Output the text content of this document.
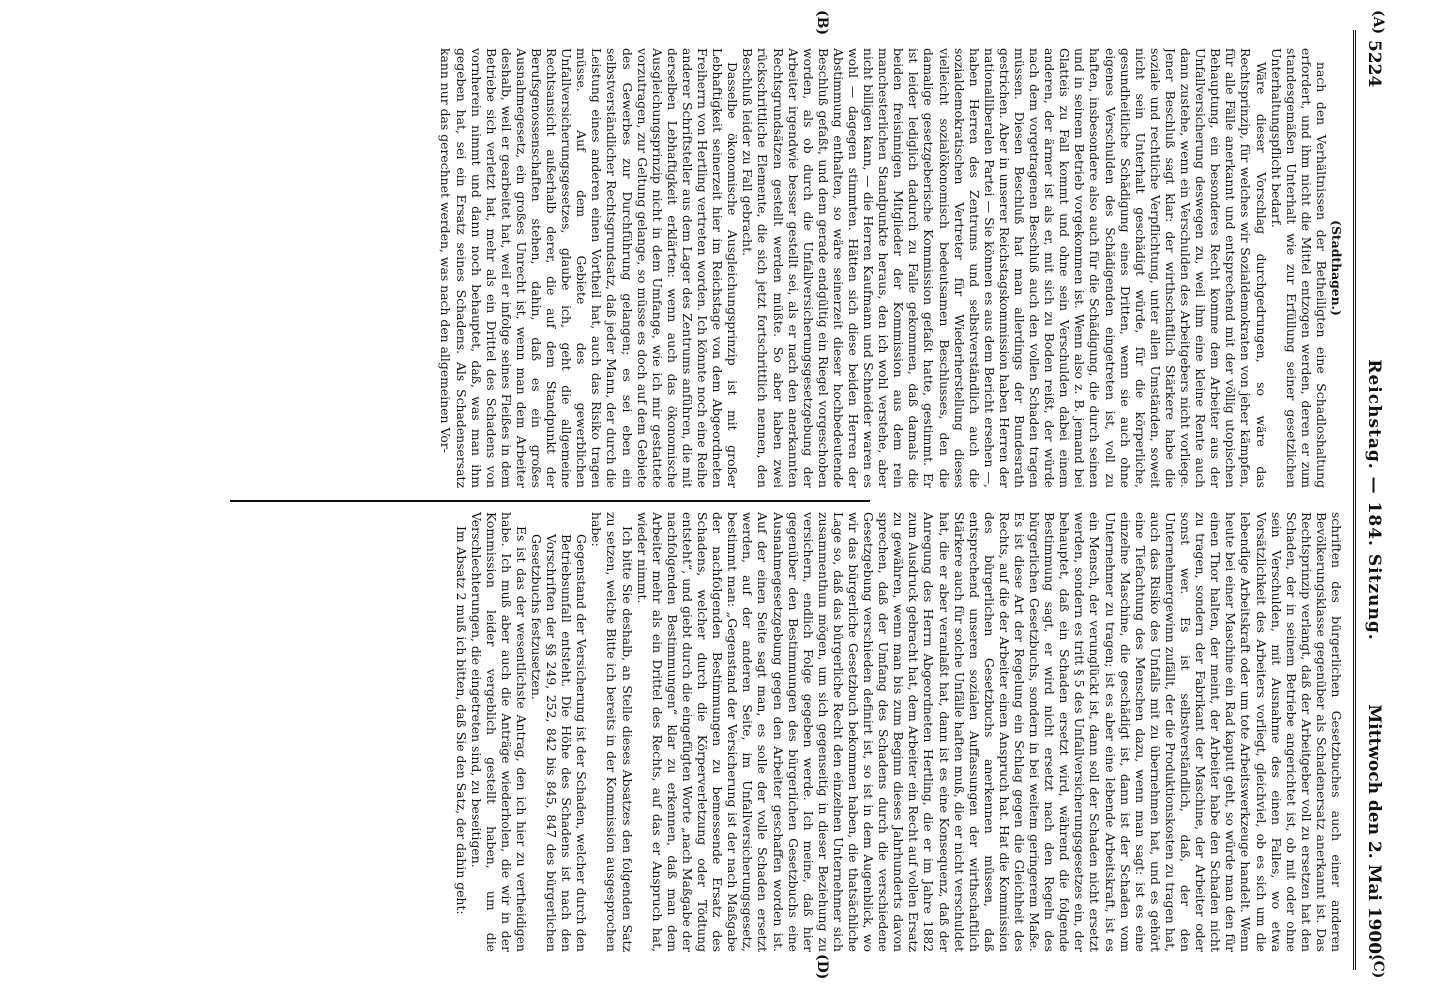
5224
Reichstag. — 184. Sitzung.
Mittwoch den 2. Mai 1900.
(A)
(B)
(C)
(D)

(Stadthagen.)

nach den Verhältnissen der Betheiligten eine Schadloshaltung erfordert, und ihm nicht die Mittel entzogen werden, deren er zum standesgemäßen Unterhalt wie zur Erfüllung seiner gesetzlichen Unterhaltungspflicht bedarf.

Wäre dieser Vorschlag durchgedrungen, so wäre das Rechtsprinzip, für welches wir Sozialdemokraten von jeher kämpfen, für alle Fälle anerkannt und entsprechend mit der völlig utopischen Behauptung, ein besonderes Recht komme dem Arbeiter aus der Unfallversicherung deswegen zu, weil ihm eine kleine Rente auch dann zustehe, wenn ein Verschulden des Arbeitgebers nicht vorliege. Jener Beschluß sagt klar: der wirthschaftlich Stärkere habe die soziale und rechtliche Verpflichtung, unter allen Umständen, soweit nicht sein Unterhalt geschädigt würde, für die körperliche, gesundheitliche Schädigung eines Dritten, wenn sie auch ohne eigenes Verschulden des Schädigenden eingetreten ist, voll zu haften, insbesondere also auch für die Schädigung, die durch seinen und in seinem Betrieb vorgekommen ist. Wenn also z. B. jemand bei Glatteis zu Fall kommt und ohne sein Verschulden dabei einem anderen, der ärmer ist als er, mit sich zu Boden reißt, der würde nach dem vorgetragenen Beschluß auch den vollen Schaden tragen müssen. Diesen Beschluß hat man allerdings der Bundesrath gestrichen. Aber in unserer Reichstagskommission haben Herren der nationalliberalen Partei — Sie können es aus dem Bericht ersehen —, haben Herren des Zentrums und selbstverständlich auch die sozialdemokratischen Vertreter für Wiederherstellung dieses vielleicht sozialökonomisch bedeutsamen Beschlusses, den die damalige gesetzgeberische Kommission gefaßt hatte, gestimmt. Er ist leider lediglich dadurch zu Falle gekommen, daß damals die beiden freisinnigen Mitglieder der Kommission aus dem rein manchesterlichen Standpunkte heraus, den ich wohl verstehe, aber nicht billigen kann, — die Herren Kaufmann und Schneider waren es wohl — dagegen stimmten. Hätten sich diese beiden Herren der Abstimmung enthalten, so wäre seinerzeit dieser hochbedeutende Beschluß gefaßt, und dem gerade endgültig ein Riegel vorgeschoben worden, als ob durch die Unfallversicherungsgesetzgebung der Arbeiter irgendwie besser gestellt sei, als er nach den anerkannten Rechtsgrundsätzen gestellt werden müßte. So aber haben zwei rückschrittliche Elemente, die sich jetzt fortschrittlich nennen, den Beschluß leider zu Fall gebracht.

Dasselbe ökonomische Ausgleichungsprinzip ist mit großer Lebhaftigkeit seinerzeit hier im Reichstage von dem Abgeordneten Freiherrn von Hertling vertreten worden. Ich könnte noch eine Reihe anderer Schriftsteller aus dem Lager des Zentrums anführen, die mit derselben Lebhaftigkeit erklärten: wenn auch das ökonomische Ausgleichungsprinzip nicht in dem Umfange, wie ich mir gestattete vorzutragen, zur Geltung gelange, so müsse es doch auf dem Gebiete des Gewerbes zur Durchführung gelangen; es sei eben ein selbstverständlicher Rechtsgrundsatz, daß jeder Mann, der durch die Leistung eines anderen einen Vortheil hat, auch das Risiko tragen müsse. Auf dem Gebiete des gewerblichen Unfallversicherungsgesetzes, glaube ich, geht die allgemeine Rechtsansicht außerhalb derer, die auf dem Standpunkt der Berufsgenossenschaften stehen, dahin, daß es ein großes Ausnahmegesetz, ein großes Unrecht ist, wenn man dem Arbeiter deshalb, weil er gearbeitet hat, weil er infolge seines Fleißes in dem Betriebe sich verletzt hat, mehr als ein Drittel des Schadens von vornherein nimmt und dann noch behauptet, daß, was man ihm gegeben hat, sei ein Ersatz seines Schadens. Als Schadensersatz kann nur das gerechnet werden, was nach den allgemeinen Vor-

schriften des bürgerlichen Gesetzbuches auch einer anderen Bevölkerungsklasse gegenüber als Schadenersatz anerkannt ist. Das Rechtsprinzip verlangt, daß der Arbeitgeber voll zu ersetzen hat den Schaden, der in seinem Betriebe angerichtet ist, ob mit oder ohne sein Verschulden, mit Ausnahme des einen Falles, wo etwa Vorsätzlichkeit des Arbeiters vorliegt, gleichviel, ob es sich um die lebendige Arbeitskraft oder um tote Arbeitswerkzeuge handelt. Wenn heute bei einer Maschine ein Rad kaputt geht, so würde man den für einen Thor halten, der meint, der Arbeiter habe den Schaden nicht zu tragen, sondern der Fabrikant der Maschine, der Arbeiter oder sonst wer. Es ist selbstverständlich, daß, der den Unternehmergewinn zufällt, der die Produktionskosten zu tragen hat, auch das Risiko des Unfalls mit zu übernehmen hat, und es gehört eine Tiefachtung des Menschen dazu, wenn man sagt: ist es eine einzelne Maschine, die geschädigt ist, dann ist der Schaden vom Unternehmer zu tragen; ist es aber eine lebende Arbeitskraft, ist es ein Mensch, der verunglückt ist, dann soll der Schaden nicht ersetzt werden, sondern es tritt § 5 des Unfallversicherungsgesetzes ein, der behauptet, daß ein Schaden ersetzt wird, während die folgende Bestimmung sagt, er wird nicht ersetzt nach den Regeln des bürgerlichen Gesetzbuchs, sondern in bei weitem geringerem Maße. Es ist diese Art der Regelung ein Schlag gegen die Gleichheit des Rechts, auf die der Arbeiter einen Anspruch hat. Hat die Kommission des bürgerlichen Gesetzbuchs anerkennen müssen, daß entsprechend unseren sozialen Auffassungen der wirthschaftlich Stärkere auch für solche Unfälle haften muß, die er nicht verschuldet hat, die er aber veranlaßt hat, dann ist es eine Konsequenz, daß der Anregung des Herrn Abgeordneten Hertling, die er im Jahre 1882 zum Ausdruck gebracht hat, dem Arbeiter ein Recht auf vollen Ersatz zu gewähren, wenn man bis zum Beginn dieses Jahrhunderts davon sprechen, daß der Umfang des Schadens durch die verschiedene Gesetzgebung verschieden definirt ist, so ist in dem Augenblick, wo wir das bürgerliche Gesetzbuch bekommen haben, die thatsächliche Lage so, daß das bürgerliche Recht den einzelnen Unternehmer sich zusammenthun mögen, um sich gegenseitig in dieser Beziehung zu versichern, endlich Folge gegeben werde. Ich meine, daß hier gegenüber den Bestimmungen des bürgerlichen Gesetzbuchs eine Ausnahmegesetzgebung gegen den Arbeiter geschaffen worden ist. Auf der einen Seite sagt man, es solle der volle Schaden ersetzt werden, auf der anderen Seite, im Unfallversicherungsgesetz, bestimmt man: „Gegenstand der Versicherung ist der nach Maßgabe der nachfolgenden Bestimmungen zu bemessende Ersatz des Schadens, welcher durch die Körperverletzung oder Tödtung entsteht“, und giebt durch die eingefügten Worte „nach Maßgabe der nachfolgenden Bestimmungen“ klar zu erkennen, daß man dem Arbeiter mehr als ein Drittel des Rechts, auf das er Anspruch hat, wieder nimmt.

Ich bitte Sie deshalb, an Stelle dieses Absatzes den folgenden Satz zu setzen, welche Bitte ich bereits in der Kommission ausgesprochen habe:

Gegenstand der Versicherung ist der Schaden, welcher durch den Betriebsunfall entsteht. Die Höhe des Schadens ist nach den Vorschriften der §§ 249, 252, 842 bis 845, 847 des bürgerlichen Gesetzbuchs festzusetzen.

Es ist das der wesentlichste Antrag, den ich hier zu vertheidigen habe. Ich muß aber auch die Anträge wiederholen, die wir in der Kommission leider vergeblich gestellt haben, um die Verschlechterungen, die eingetreten sind, zu beseitigen.

Im Absatz 2 muß ich bitten, daß Sie den Satz, der dahin geht:
